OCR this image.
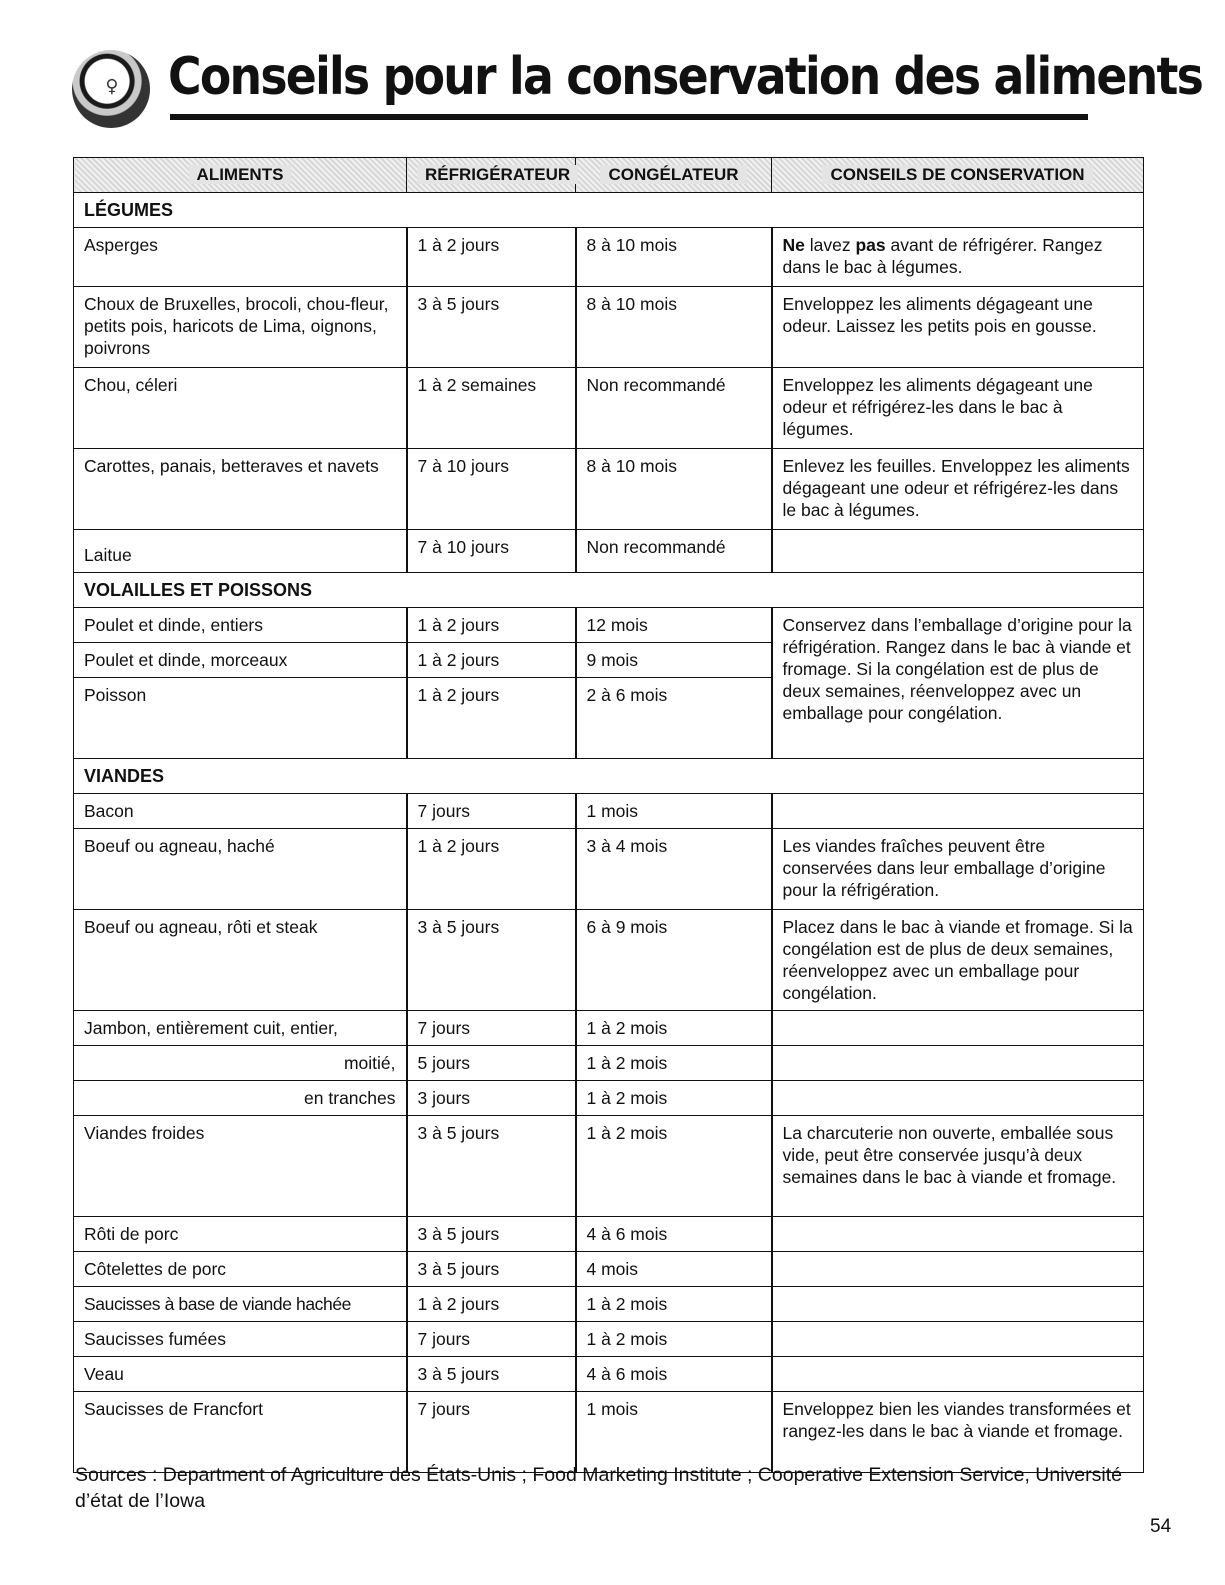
♀ Conseils pour la conservation des aliments
ALIMENTS	RÉFRIGÉRATEUR	CONGÉLATEUR	CONSEILS DE CONSERVATION
LÉGUMES			
Asperges	1 à 2 jours	8 à 10 mois	Ne lavez pas avant de réfrigérer. Rangez dans le bac à légumes.
Choux de Bruxelles, brocoli, chou-fleur, petits pois, haricots de Lima, oignons, poivrons	3 à 5 jours	8 à 10 mois	Enveloppez les aliments dégageant une odeur. Laissez les petits pois en gousse.
Chou, céleri	1 à 2 semaines	Non recommandé	Enveloppez les aliments dégageant une odeur et réfrigérez-les dans le bac à légumes.
Carottes, panais, betteraves et navets	7 à 10 jours	8 à 10 mois	Enlevez les feuilles. Enveloppez les aliments dégageant une odeur et réfrigérez-les dans le bac à légumes.
Laitue	7 à 10 jours	Non recommandé	
VOLAILLES ET POISSONS			
Poulet et dinde, entiers	1 à 2 jours	12 mois	Conservez dans l’emballage d’origine pour la réfrigération. Rangez dans le bac à viande et fromage. Si la congélation est de plus de deux semaines, réenveloppez avec un emballage pour congélation.
Poulet et dinde, morceaux	1 à 2 jours	9 mois	
Poisson	1 à 2 jours	2 à 6 mois	
VIANDES			
Bacon	7 jours	1 mois	
Boeuf ou agneau, haché	1 à 2 jours	3 à 4 mois	Les viandes fraîches peuvent être conservées dans leur emballage d’origine pour la réfrigération.
Boeuf ou agneau, rôti et steak	3 à 5 jours	6 à 9 mois	Placez dans le bac à viande et fromage. Si la congélation est de plus de deux semaines, réenveloppez avec un emballage pour congélation.
Jambon, entièrement cuit, entier,	7 jours	1 à 2 mois	
moitié,	5 jours	1 à 2 mois	
en tranches	3 jours	1 à 2 mois	
Viandes froides	3 à 5 jours	1 à 2 mois	La charcuterie non ouverte, emballée sous vide, peut être conservée jusqu’à deux semaines dans le bac à viande et fromage.
Rôti de porc	3 à 5 jours	4 à 6 mois	
Côtelettes de porc	3 à 5 jours	4 mois	
Saucisses à base de viande hachée	1 à 2 jours	1 à 2 mois	
Saucisses fumées	7 jours	1 à 2 mois	
Veau	3 à 5 jours	4 à 6 mois	
Saucisses de Francfort	7 jours	1 mois	Enveloppez bien les viandes transformées et rangez-les dans le bac à viande et fromage.
Sources : Department of Agriculture des États-Unis ; Food Marketing Institute ; Cooperative Extension Service, Université d’état de l’Iowa
54
